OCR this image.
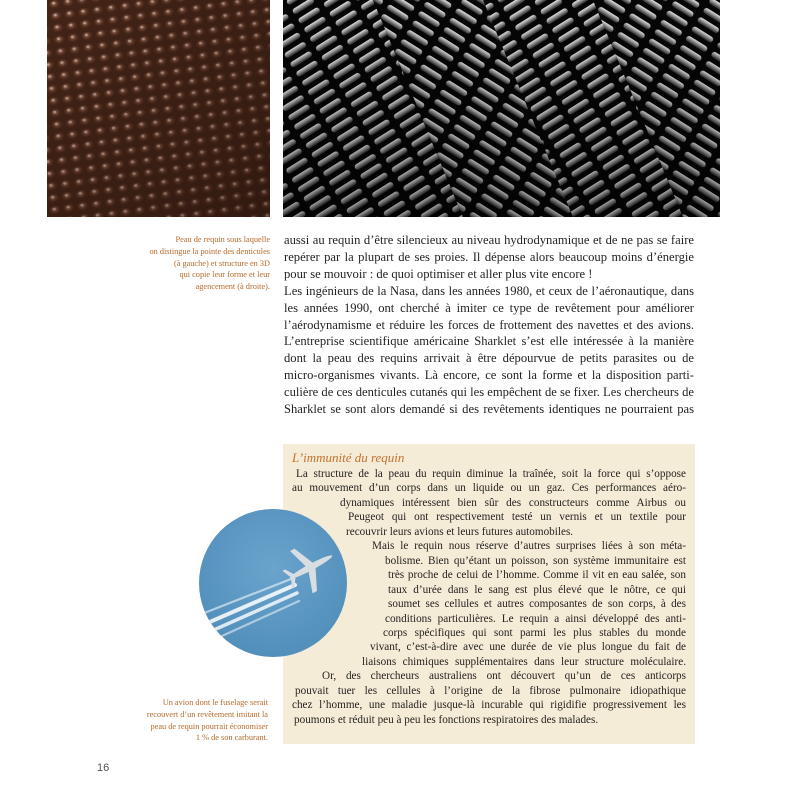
Peau de requin sous laquelle
on distingue la pointe des denticules
(à gauche) et structure en 3D
qui copie leur forme et leur
agencement (à droite).
aussi au requin d’être silencieux au niveau hydrodynamique et de ne pas se faire
repérer par la plupart de ses proies. Il dépense alors beaucoup moins d’énergie
pour se mouvoir : de quoi optimiser et aller plus vite encore !
Les ingénieurs de la Nasa, dans les années 1980, et ceux de l’aéronautique, dans
les années 1990, ont cherché à imiter ce type de revêtement pour améliorer
l’aérodynamisme et réduire les forces de frottement des navettes et des avions.
L’entreprise scientifique américaine Sharklet s’est elle intéressée à la manière
dont la peau des requins arrivait à être dépourvue de petits parasites ou de
micro-organismes vivants. Là encore, ce sont la forme et la disposition parti-
culière de ces denticules cutanés qui les empêchent de se fixer. Les chercheurs de
Sharklet se sont alors demandé si des revêtements identiques ne pourraient pas
L’immunité du requin
La structure de la peau du requin diminue la traînée, soit la force qui s’oppose
au mouvement d’un corps dans un liquide ou un gaz. Ces performances aéro-
dynamiques intéressent bien sûr des constructeurs comme Airbus ou
Peugeot qui ont respectivement testé un vernis et un textile pour
recouvrir leurs avions et leurs futures automobiles.
Mais le requin nous réserve d’autres surprises liées à son méta-
bolisme. Bien qu’étant un poisson, son système immunitaire est
très proche de celui de l’homme. Comme il vit en eau salée, son
taux d’urée dans le sang est plus élevé que le nôtre, ce qui
soumet ses cellules et autres composantes de son corps, à des
conditions particulières. Le requin a ainsi développé des anti-
corps spécifiques qui sont parmi les plus stables du monde
vivant, c’est-à-dire avec une durée de vie plus longue du fait de
liaisons chimiques supplémentaires dans leur structure moléculaire.
Or, des chercheurs australiens ont découvert qu’un de ces anticorps
pouvait tuer les cellules à l’origine de la fibrose pulmonaire idiopathique
chez l’homme, une maladie jusque-là incurable qui rigidifie progressivement les
poumons et réduit peu à peu les fonctions respiratoires des malades.
Un avion dont le fuselage serait
recouvert d’un revêtement imitant la
peau de requin pourrait économiser
1 % de son carburant.
16
